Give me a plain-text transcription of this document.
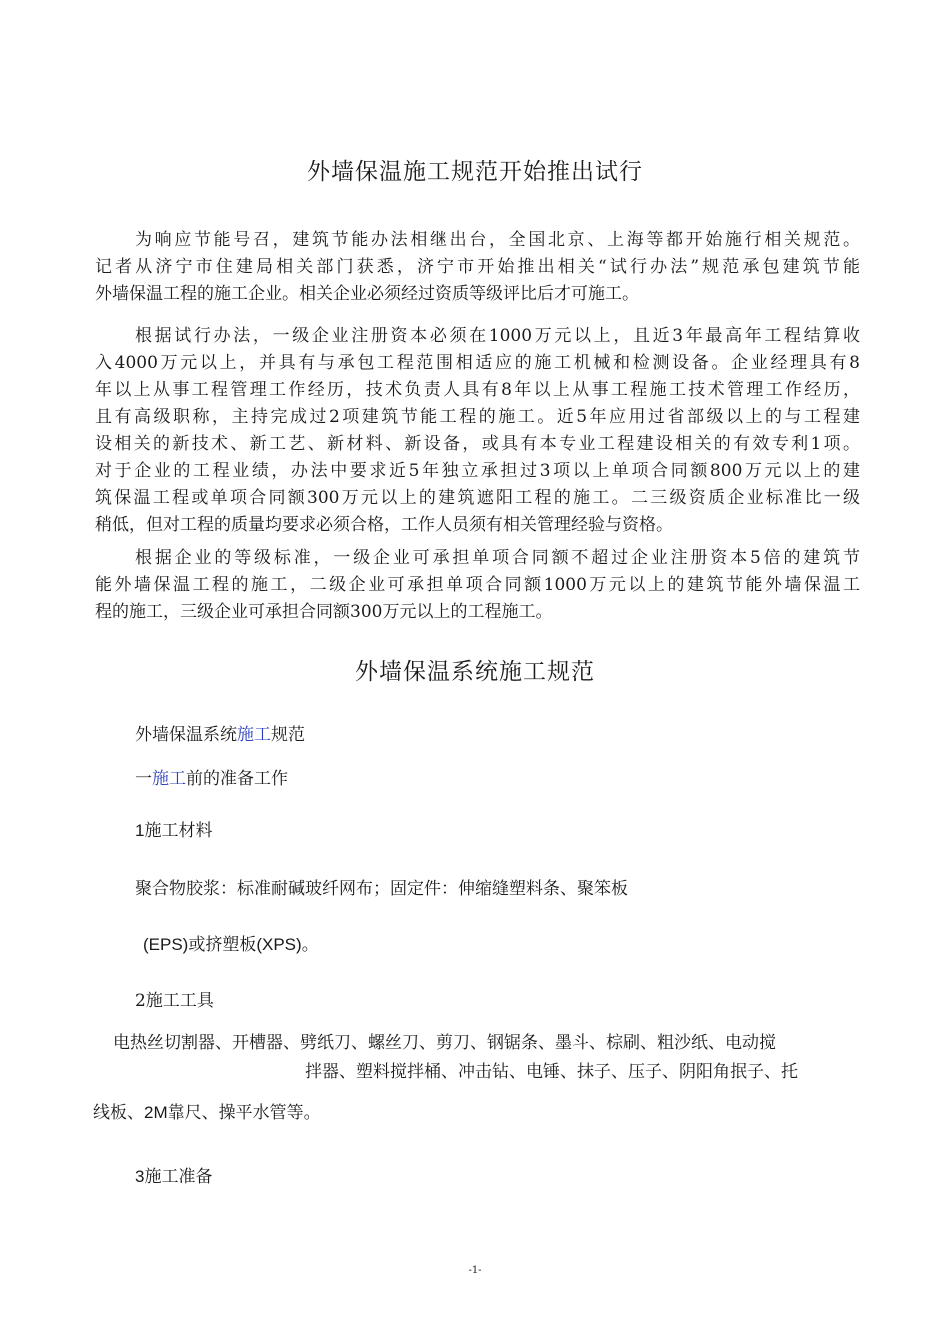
外墙保温施工规范开始推出试行
为响应节能号召，建筑节能办法相继出台，全国北京、上海等都开始施行相关规范。
记者从济宁市住建局相关部门获悉，济宁市开始推出相关“试行办法”规范承包建筑节能
外墙保温工程的施工企业。相关企业必须经过资质等级评比后才可施工。
根据试行办法，一级企业注册资本必须在1000万元以上，且近3年最高年工程结算收
入4000万元以上，并具有与承包工程范围相适应的施工机械和检测设备。企业经理具有8
年以上从事工程管理工作经历，技术负责人具有8年以上从事工程施工技术管理工作经历，
且有高级职称，主持完成过2项建筑节能工程的施工。近5年应用过省部级以上的与工程建
设相关的新技术、新工艺、新材料、新设备，或具有本专业工程建设相关的有效专利1项。
对于企业的工程业绩，办法中要求近5年独立承担过3项以上单项合同额800万元以上的建
筑保温工程或单项合同额300万元以上的建筑遮阳工程的施工。二三级资质企业标准比一级
稍低，但对工程的质量均要求必须合格，工作人员须有相关管理经验与资格。
根据企业的等级标准，一级企业可承担单项合同额不超过企业注册资本5倍的建筑节
能外墙保温工程的施工，二级企业可承担单项合同额1000万元以上的建筑节能外墙保温工
程的施工，三级企业可承担合同额300万元以上的工程施工。
外墙保温系统施工规范
外墙保温系统施工规范
一施工前的准备工作
1施工材料
聚合物胶浆：标准耐碱玻纤网布；固定件：伸缩缝塑料条、聚笨板
(EPS)或挤塑板(XPS)。
2施工工具
电热丝切割器、开槽器、劈纸刀、螺丝刀、剪刀、钢锯条、墨斗、棕刷、粗沙纸、电动搅
拌器、塑料搅拌桶、冲击钻、电锤、抹子、压子、阴阳角抿子、托
线板、2M靠尺、操平水管等。
3施工准备
-1-
